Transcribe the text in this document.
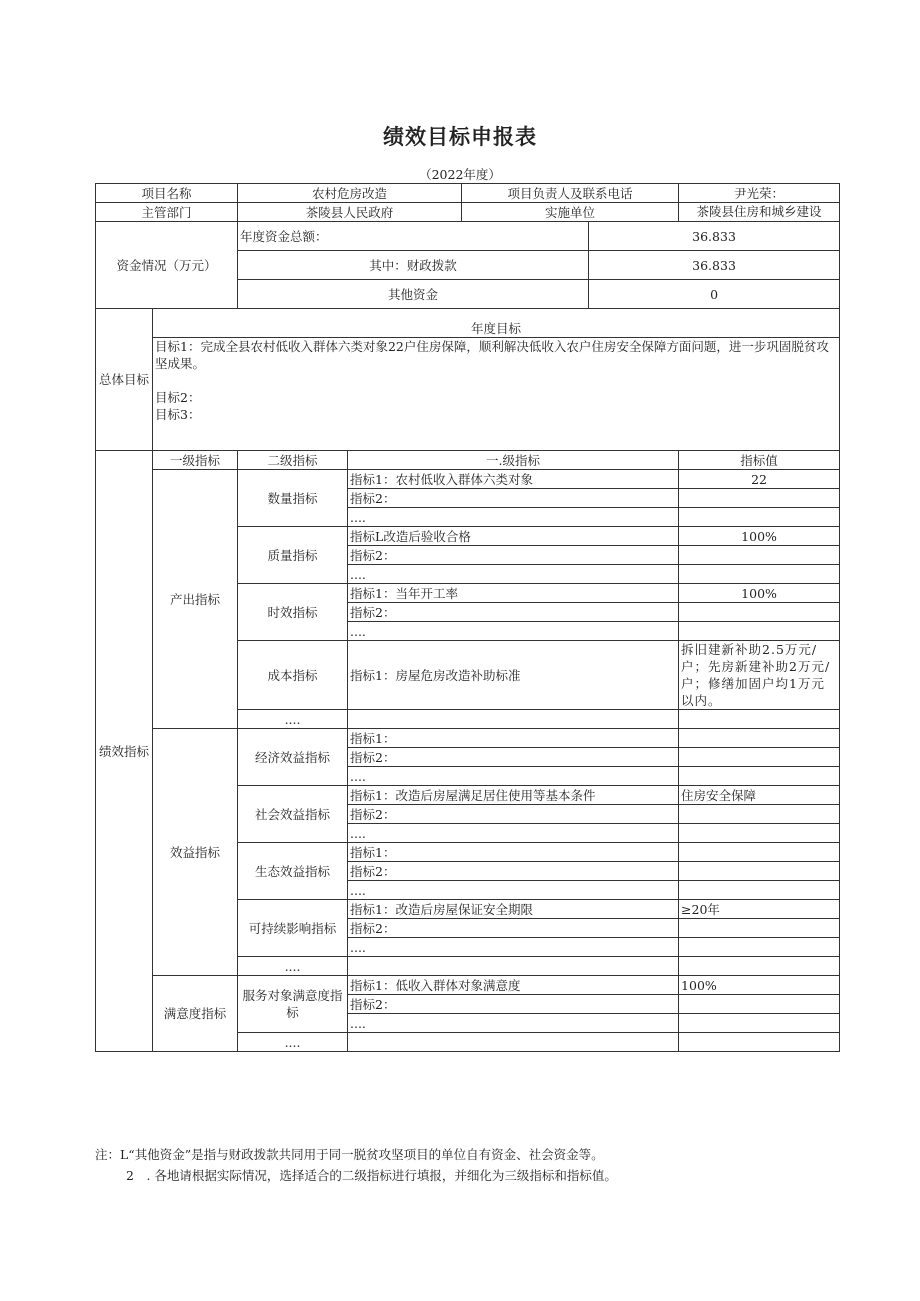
绩效目标申报表
（2022年度）
项目名称		农村危房改造		项目负责人及联系电话		尹光荣：
主管部门		茶陵县人民政府		实施单位		茶陵县住房和城乡建设
资金情况（万元）		年度资金总额：			36.833	
		其中：财政拨款			36.833	
		其他资金			0	
总体目标	年度目标					

	目标1：完成全县农村低收入群体六类对象22户住房保障，顺利解决低收入农户住房安全保障方面问题，进一步巩固脱贫攻坚成果。
目标2：
目标3：					

绩效指标	一级指标	二级指标	一.级指标			指标值
	产出指标	数量指标	指标1：农村低收入群体六类对象			22
			指标2：			
			....			
		质量指标	指标L改造后验收合格			100%
			指标2：			
			....			
		时效指标	指标1：当年开工率			100%
			指标2：			
			....			
		成本指标	指标1：房屋危房改造补助标准			拆旧建新补助2.5万元/户；先房新建补助2万元/户；修缮加固户均1万元以内。

		....				
	效益指标	经济效益指标	指标1：			
			指标2：			
			....			
		社会效益指标	指标1：改造后房屋满足居住使用等基本条件			住房安全保障
			指标2：			
			....			
		生态效益指标	指标1：			
			指标2：			
			....			
		可持续影响指标	指标1：改造后房屋保证安全期限			≥20年
			指标2：			
			....			
		....				
	满意度指标	服务对象满意度指标	指标1：低收入群体对象满意度			100%
			指标2：			
			....			
		....				
注：L“其他资金”是指与财政拨款共同用于同一脱贫攻坚项目的单位自有资金、社会资金等。
2　. 各地请根据实际情况，选择适合的二级指标进行填报，并细化为三级指标和指标值。
